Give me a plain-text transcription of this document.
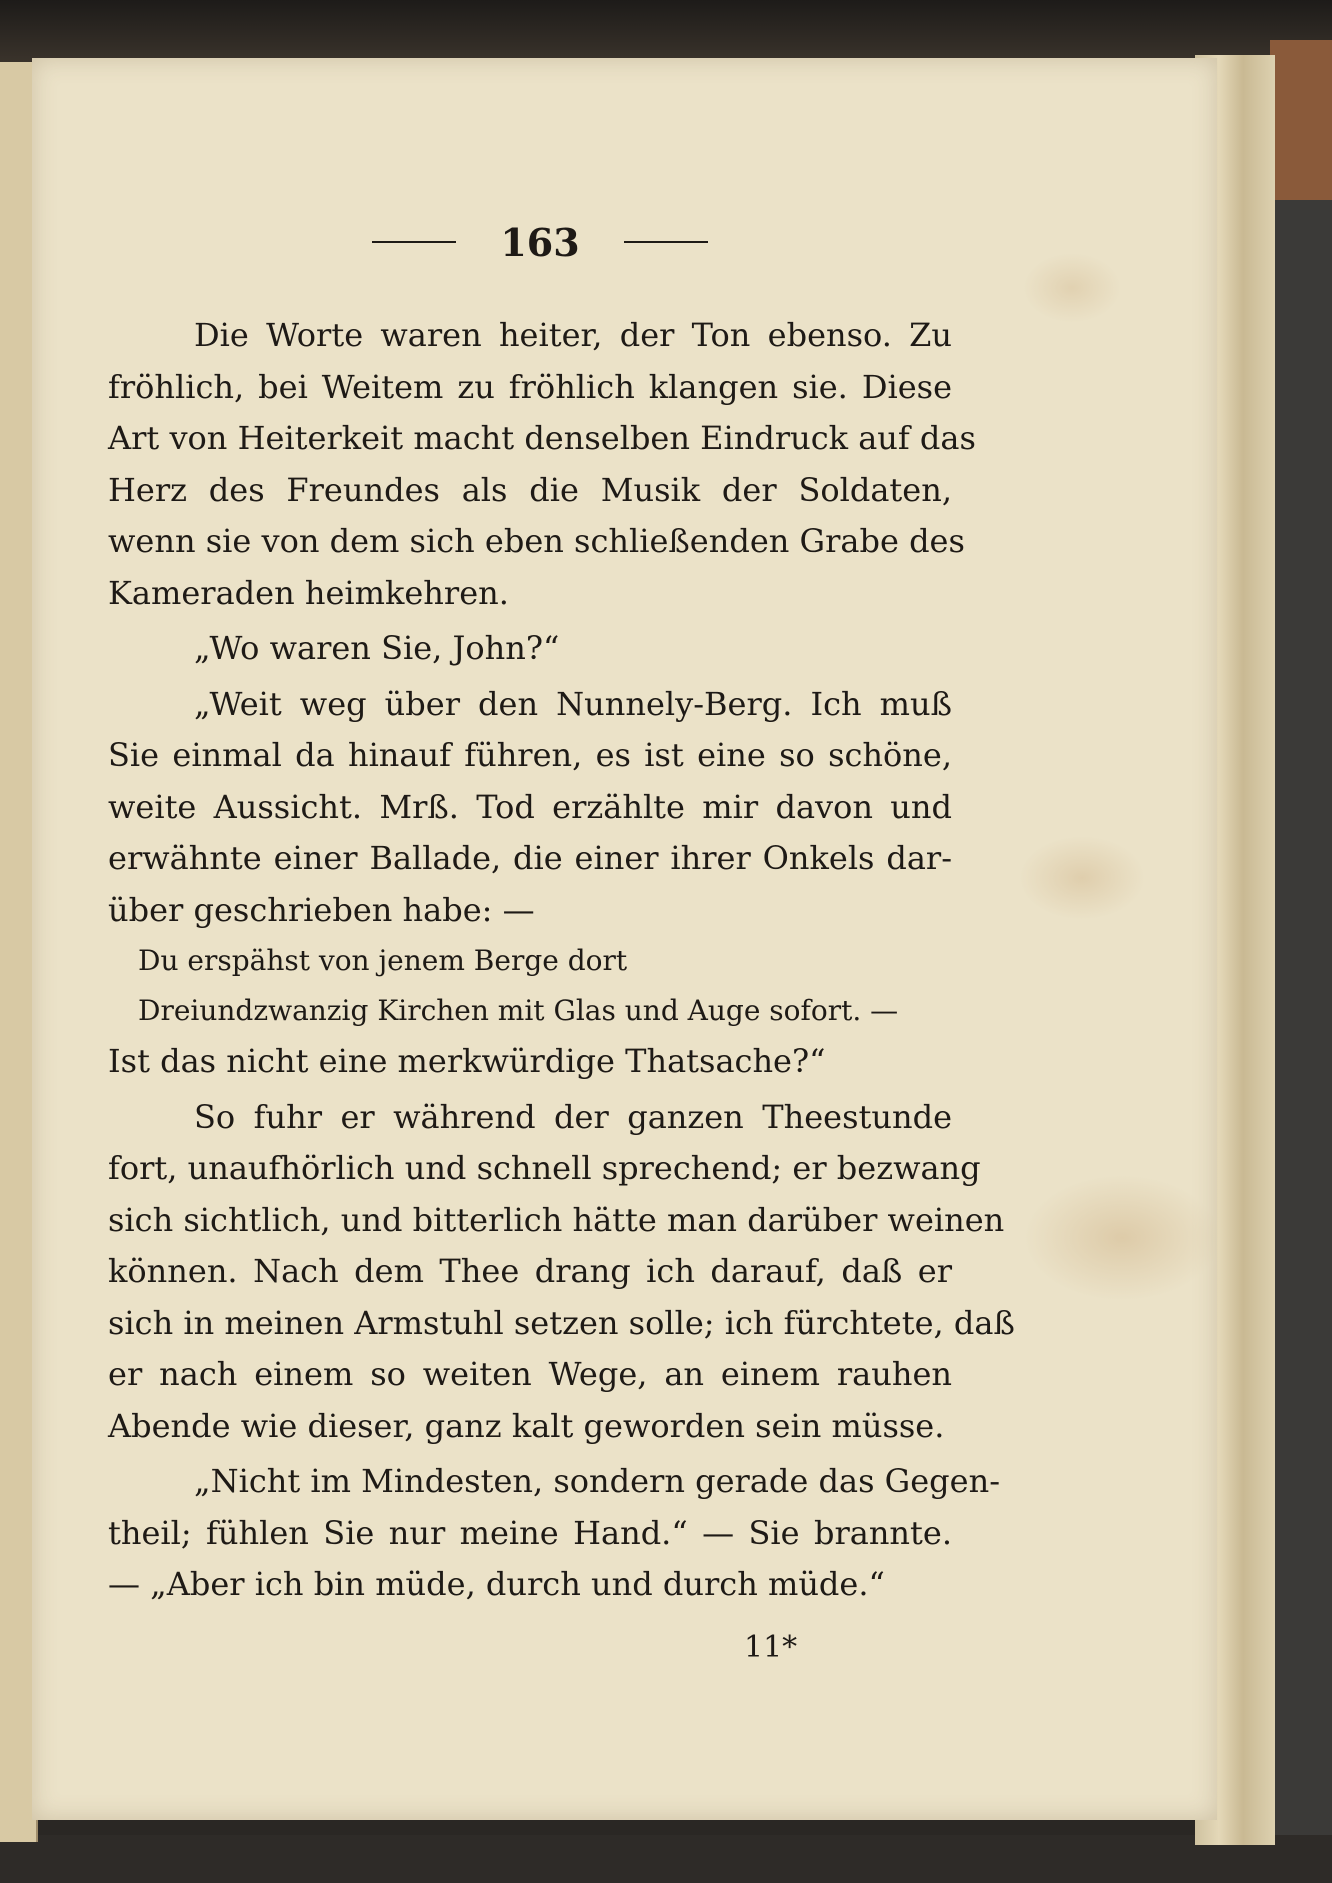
163
Die Worte waren heiter, der Ton ebenso. Zu
fröhlich, bei Weitem zu fröhlich klangen sie. Diese
Art von Heiterkeit macht denselben Eindruck auf das
Herz des Freundes als die Musik der Soldaten,
wenn sie von dem sich eben schließenden Grabe des
Kameraden heimkehren.
„Wo waren Sie, John?“
„Weit weg über den Nunnely-Berg. Ich muß
Sie einmal da hinauf führen, es ist eine so schöne,
weite Aussicht. Mrß. Tod erzählte mir davon und
erwähnte einer Ballade, die einer ihrer Onkels dar-
über geschrieben habe: —
Du erspähst von jenem Berge dort
Dreiundzwanzig Kirchen mit Glas und Auge sofort. —
Ist das nicht eine merkwürdige Thatsache?“
So fuhr er während der ganzen Theestunde
fort, unaufhörlich und schnell sprechend; er bezwang
sich sichtlich, und bitterlich hätte man darüber weinen
können. Nach dem Thee drang ich darauf, daß er
sich in meinen Armstuhl setzen solle; ich fürchtete, daß
er nach einem so weiten Wege, an einem rauhen
Abende wie dieser, ganz kalt geworden sein müsse.
„Nicht im Mindesten, sondern gerade das Gegen-
theil; fühlen Sie nur meine Hand.“ — Sie brannte.
— „Aber ich bin müde, durch und durch müde.“
11*
